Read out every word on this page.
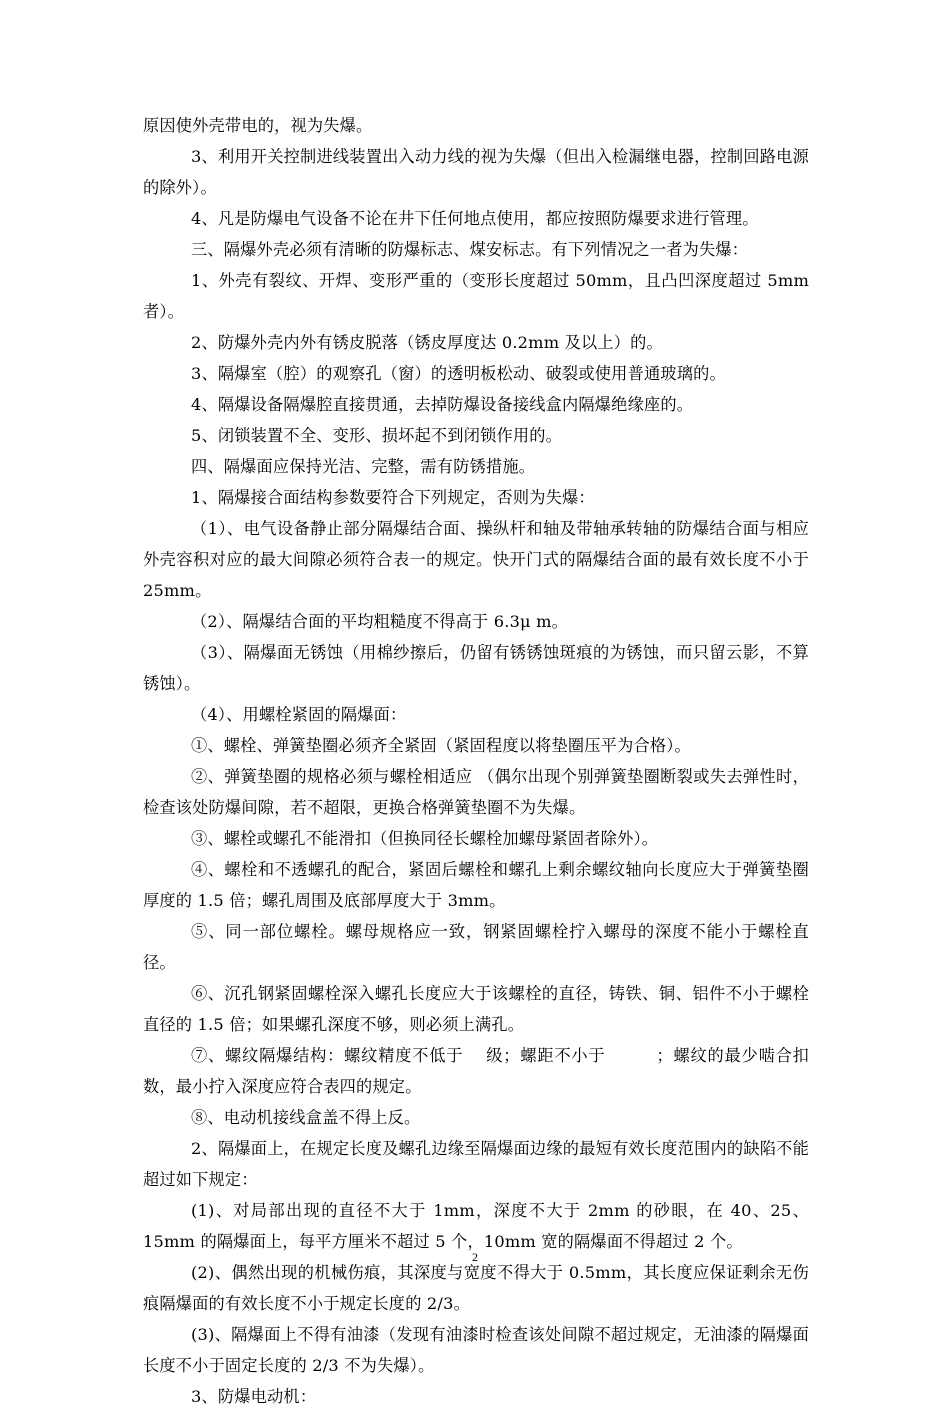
原因使外壳带电的，视为失爆。

3、利用开关控制进线装置出入动力线的视为失爆（但出入检漏继电器，控制回路电源的除外）。

4、凡是防爆电气设备不论在井下任何地点使用，都应按照防爆要求进行管理。

三、隔爆外壳必须有清晰的防爆标志、煤安标志。有下列情况之一者为失爆：

1、外壳有裂纹、开焊、变形严重的（变形长度超过 50mm，且凸凹深度超过 5mm 者）。

2、防爆外壳内外有锈皮脱落（锈皮厚度达 0.2mm 及以上）的。

3、隔爆室（腔）的观察孔（窗）的透明板松动、破裂或使用普通玻璃的。

4、隔爆设备隔爆腔直接贯通，去掉防爆设备接线盒内隔爆绝缘座的。

5、闭锁装置不全、变形、损坏起不到闭锁作用的。

四、隔爆面应保持光洁、完整，需有防锈措施。

1、隔爆接合面结构参数要符合下列规定，否则为失爆：

（1）、电气设备静止部分隔爆结合面、操纵杆和轴及带轴承转轴的防爆结合面与相应外壳容积对应的最大间隙必须符合表一的规定。快开门式的隔爆结合面的最有效长度不小于 25mm。

（2）、隔爆结合面的平均粗糙度不得高于 6.3μ m。

（3）、隔爆面无锈蚀（用棉纱擦后，仍留有锈锈蚀斑痕的为锈蚀，而只留云影，不算锈蚀）。

（4）、用螺栓紧固的隔爆面：

①、螺栓、弹簧垫圈必须齐全紧固（紧固程度以将垫圈压平为合格）。

②、弹簧垫圈的规格必须与螺栓相适应 （偶尔出现个别弹簧垫圈断裂或失去弹性时，检查该处防爆间隙，若不超限，更换合格弹簧垫圈不为失爆。

③、螺栓或螺孔不能滑扣（但换同径长螺栓加螺母紧固者除外）。

④、螺栓和不透螺孔的配合，紧固后螺栓和螺孔上剩余螺纹轴向长度应大于弹簧垫圈厚度的 1.5 倍；螺孔周围及底部厚度大于 3mm。

⑤、同一部位螺栓。螺母规格应一致，钢紧固螺栓拧入螺母的深度不能小于螺栓直径。

⑥、沉孔钢紧固螺栓深入螺孔长度应大于该螺栓的直径，铸铁、铜、铝件不小于螺栓直径的 1.5 倍；如果螺孔深度不够，则必须上满孔。

⑦、螺纹隔爆结构：螺纹精度不低于　 级；螺距不小于　　　；螺纹的最少啮合扣数，最小拧入深度应符合表四的规定。

⑧、电动机接线盒盖不得上反。

2、隔爆面上，在规定长度及螺孔边缘至隔爆面边缘的最短有效长度范围内的缺陷不能超过如下规定：

(1)、对局部出现的直径不大于 1mm，深度不大于 2mm 的砂眼，在 40、25、15mm 的隔爆面上，每平方厘米不超过 5 个，10mm 宽的隔爆面不得超过 2 个。

(2)、偶然出现的机械伤痕，其深度与宽度不得大于 0.5mm，其长度应保证剩余无伤痕隔爆面的有效长度不小于规定长度的 2/3。

(3)、隔爆面上不得有油漆（发现有油漆时检查该处间隙不超过规定，无油漆的隔爆面长度不小于固定长度的 2/3 不为失爆）。

3、防爆电动机：

2
